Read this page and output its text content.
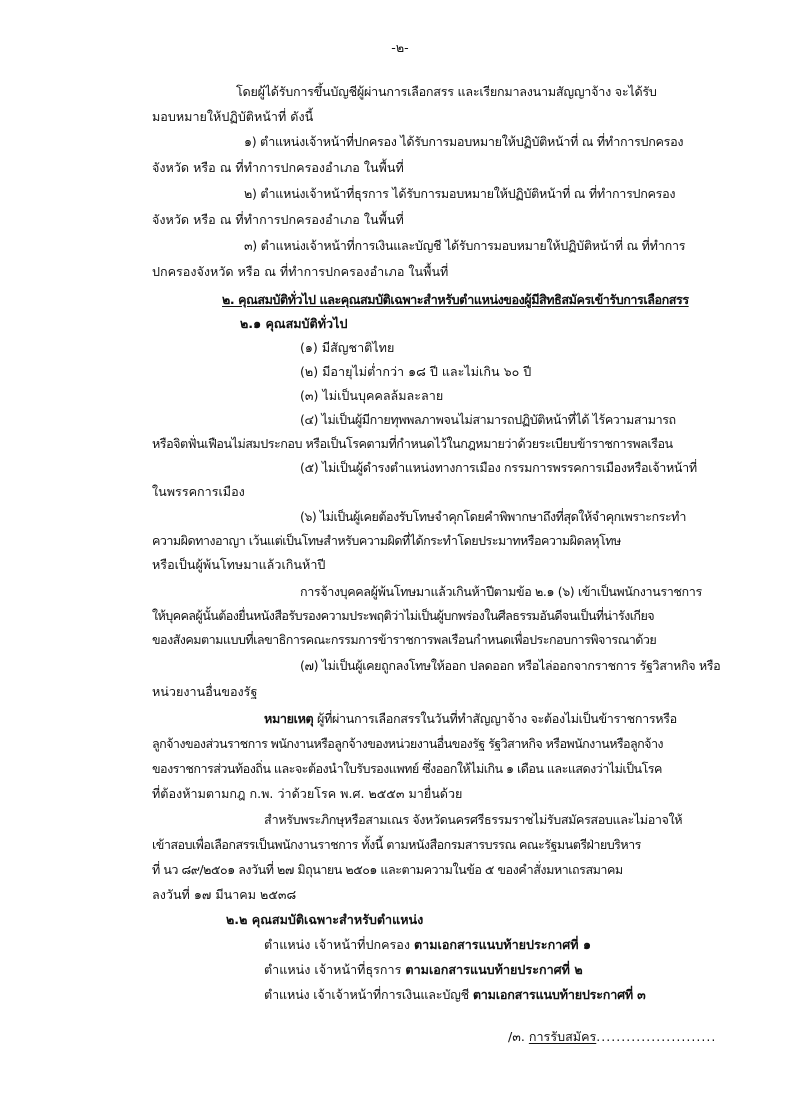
-๒-
โดยผู้ได้รับการขึ้นบัญชีผู้ผ่านการเลือกสรร และเรียกมาลงนามสัญญาจ้าง จะได้รับ
มอบหมายให้ปฏิบัติหน้าที่ ดังนี้
๑) ตำแหน่งเจ้าหน้าที่ปกครอง ได้รับการมอบหมายให้ปฏิบัติหน้าที่ ณ ที่ทำการปกครอง
จังหวัด หรือ ณ ที่ทำการปกครองอำเภอ ในพื้นที่
๒) ตำแหน่งเจ้าหน้าที่ธุรการ ได้รับการมอบหมายให้ปฏิบัติหน้าที่ ณ ที่ทำการปกครอง
จังหวัด หรือ ณ ที่ทำการปกครองอำเภอ ในพื้นที่
๓) ตำแหน่งเจ้าหน้าที่การเงินและบัญชี ได้รับการมอบหมายให้ปฏิบัติหน้าที่ ณ ที่ทำการ
ปกครองจังหวัด หรือ ณ ที่ทำการปกครองอำเภอ ในพื้นที่
๒. คุณสมบัติทั่วไป และคุณสมบัติเฉพาะสำหรับตำแหน่งของผู้มีสิทธิสมัครเข้ารับการเลือกสรร
๒.๑ คุณสมบัติทั่วไป
(๑) มีสัญชาติไทย
(๒) มีอายุไม่ต่ำกว่า ๑๘ ปี และไม่เกิน ๖๐ ปี
(๓) ไม่เป็นบุคคลล้มละลาย
(๔) ไม่เป็นผู้มีกายทุพพลภาพจนไม่สามารถปฏิบัติหน้าที่ได้ ไร้ความสามารถ
หรือจิตฟั่นเฟือนไม่สมประกอบ หรือเป็นโรคตามที่กำหนดไว้ในกฎหมายว่าด้วยระเบียบข้าราชการพลเรือน
(๕) ไม่เป็นผู้ดำรงตำแหน่งทางการเมือง กรรมการพรรคการเมืองหรือเจ้าหน้าที่
ในพรรคการเมือง
(๖) ไม่เป็นผู้เคยต้องรับโทษจำคุกโดยคำพิพากษาถึงที่สุดให้จำคุกเพราะกระทำ
ความผิดทางอาญา เว้นแต่เป็นโทษสำหรับความผิดที่ได้กระทำโดยประมาทหรือความผิดลหุโทษ
หรือเป็นผู้พ้นโทษมาแล้วเกินห้าปี
การจ้างบุคคลผู้พ้นโทษมาแล้วเกินห้าปีตามข้อ ๒.๑ (๖) เข้าเป็นพนักงานราชการ
ให้บุคคลผู้นั้นต้องยื่นหนังสือรับรองความประพฤติว่าไม่เป็นผู้บกพร่องในศีลธรรมอันดีจนเป็นที่น่ารังเกียจ
ของสังคมตามแบบที่เลขาธิการคณะกรรมการข้าราชการพลเรือนกำหนดเพื่อประกอบการพิจารณาด้วย
(๗) ไม่เป็นผู้เคยถูกลงโทษให้ออก ปลดออก หรือไล่ออกจากราชการ รัฐวิสาหกิจ หรือ
หน่วยงานอื่นของรัฐ
หมายเหตุ ผู้ที่ผ่านการเลือกสรรในวันที่ทำสัญญาจ้าง จะต้องไม่เป็นข้าราชการหรือ
ลูกจ้างของส่วนราชการ พนักงานหรือลูกจ้างของหน่วยงานอื่นของรัฐ รัฐวิสาหกิจ หรือพนักงานหรือลูกจ้าง
ของราชการส่วนท้องถิ่น และจะต้องนำใบรับรองแพทย์ ซึ่งออกให้ไม่เกิน ๑ เดือน และแสดงว่าไม่เป็นโรค
ที่ต้องห้ามตามกฎ ก.พ. ว่าด้วยโรค พ.ศ. ๒๕๕๓ มายื่นด้วย
สำหรับพระภิกษุหรือสามเณร จังหวัดนครศรีธรรมราชไม่รับสมัครสอบและไม่อาจให้
เข้าสอบเพื่อเลือกสรรเป็นพนักงานราชการ ทั้งนี้ ตามหนังสือกรมสารบรรณ คณะรัฐมนตรีฝ่ายบริหาร
ที่ นว ๘๙/๒๕๐๑ ลงวันที่ ๒๗ มิถุนายน ๒๕๐๑ และตามความในข้อ ๕ ของคำสั่งมหาเถรสมาคม
ลงวันที่ ๑๗ มีนาคม ๒๕๓๘
๒.๒ คุณสมบัติเฉพาะสำหรับตำแหน่ง
ตำแหน่ง เจ้าหน้าที่ปกครอง ตามเอกสารแนบท้ายประกาศที่ ๑
ตำแหน่ง เจ้าหน้าที่ธุรการ ตามเอกสารแนบท้ายประกาศที่ ๒
ตำแหน่ง เจ้าเจ้าหน้าที่การเงินและบัญชี ตามเอกสารแนบท้ายประกาศที่ ๓
/๓. การรับสมัคร........................
